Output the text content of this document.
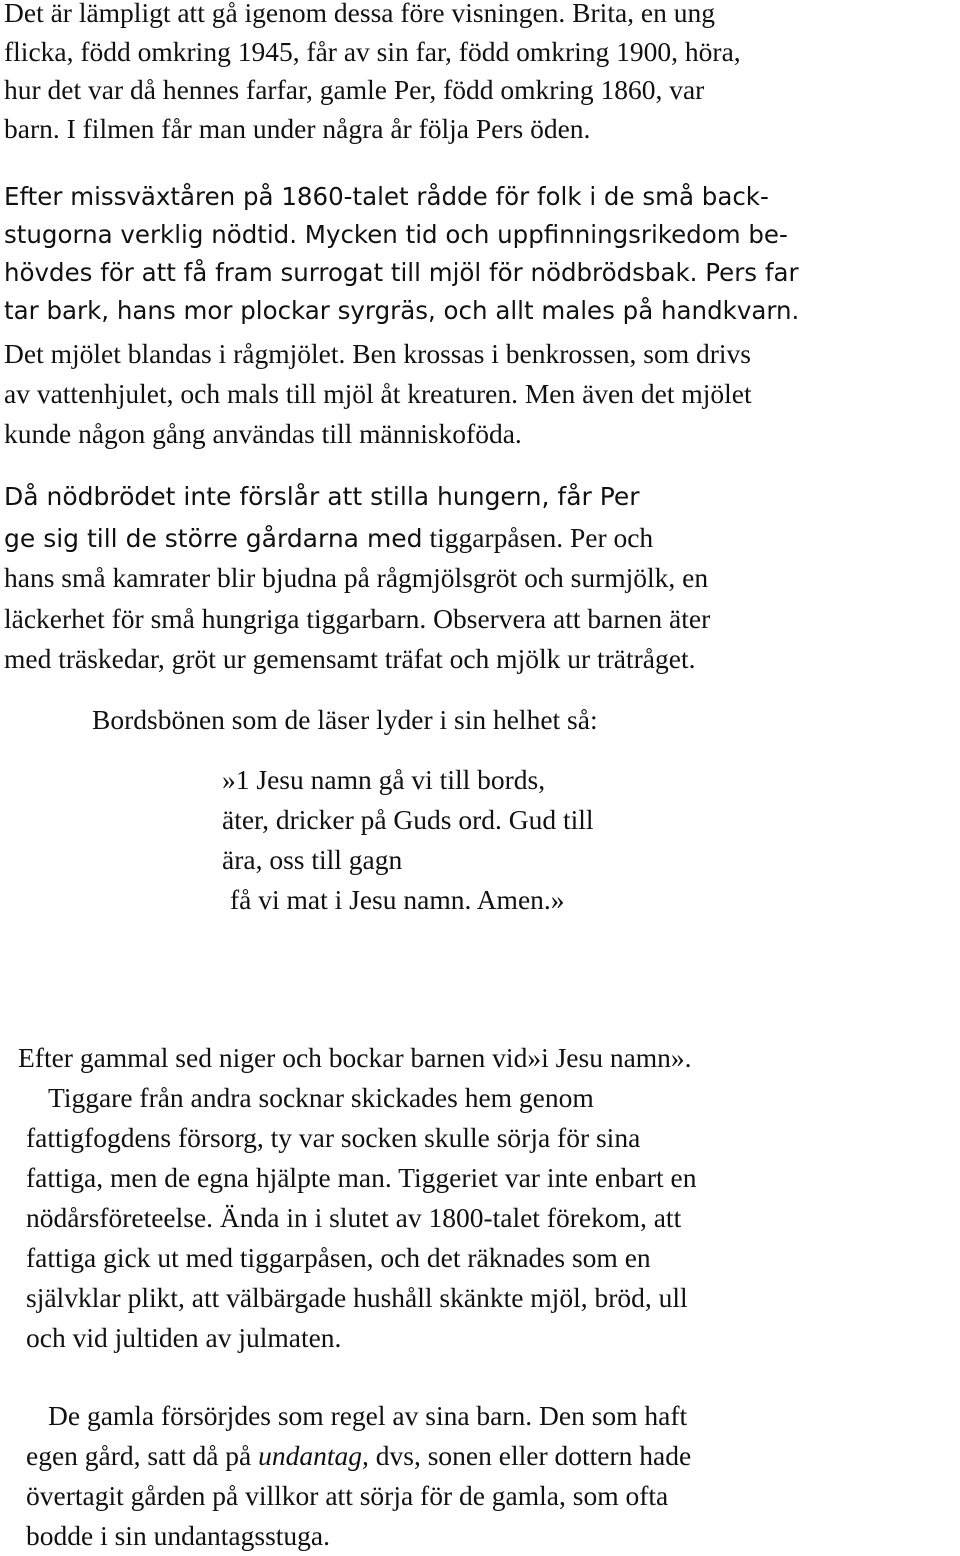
Det är lämpligt att gå igenom dessa före visningen. Brita, en ung
flicka, född omkring 1945, får av sin far, född omkring 1900, höra,
hur det var då hennes farfar, gamle Per, född omkring 1860, var
barn. I filmen får man under några år följa Pers öden.

Efter missväxtåren på 1860-talet rådde för folk i de små back-
stugorna verklig nödtid. Mycken tid och uppfinningsrikedom be-
hövdes för att få fram surrogat till mjöl för nödbrödsbak. Pers far
tar bark, hans mor plockar syrgräs, och allt males på handkvarn.

Det mjölet blandas i rågmjölet. Ben krossas i benkrossen, som drivs
av vattenhjulet, och mals till mjöl åt kreaturen. Men även det mjölet
kunde någon gång användas till människoföda.

Då nödbrödet inte förslår att stilla hungern, får Per
ge sig till de större gårdarna med tiggarpåsen. Per och

hans små kamrater blir bjudna på rågmjölsgröt och surmjölk, en
läckerhet för små hungriga tiggarbarn. Observera att barnen äter
med träskedar, gröt ur gemensamt träfat och mjölk ur trätråget.

Bordsbönen som de läser lyder i sin helhet så:

»1 Jesu namn gå vi till bords,
äter, dricker på Guds ord. Gud till
ära, oss till gagn
få vi mat i Jesu namn. Amen.»

Efter gammal sed niger och bockar barnen vid»i Jesu namn».

Tiggare från andra socknar skickades hem genom
fattigfogdens försorg, ty var socken skulle sörja för sina
fattiga, men de egna hjälpte man. Tiggeriet var inte enbart en
nödårsföreteelse. Ända in i slutet av 1800-talet förekom, att
fattiga gick ut med tiggarpåsen, och det räknades som en
självklar plikt, att välbärgade hushåll skänkte mjöl, bröd, ull
och vid jultiden av julmaten.

De gamla försörjdes som regel av sina barn. Den som haft
egen gård, satt då på undantag, dvs, sonen eller dottern hade
övertagit gården på villkor att sörja för de gamla, som ofta
bodde i sin undantagsstuga.
